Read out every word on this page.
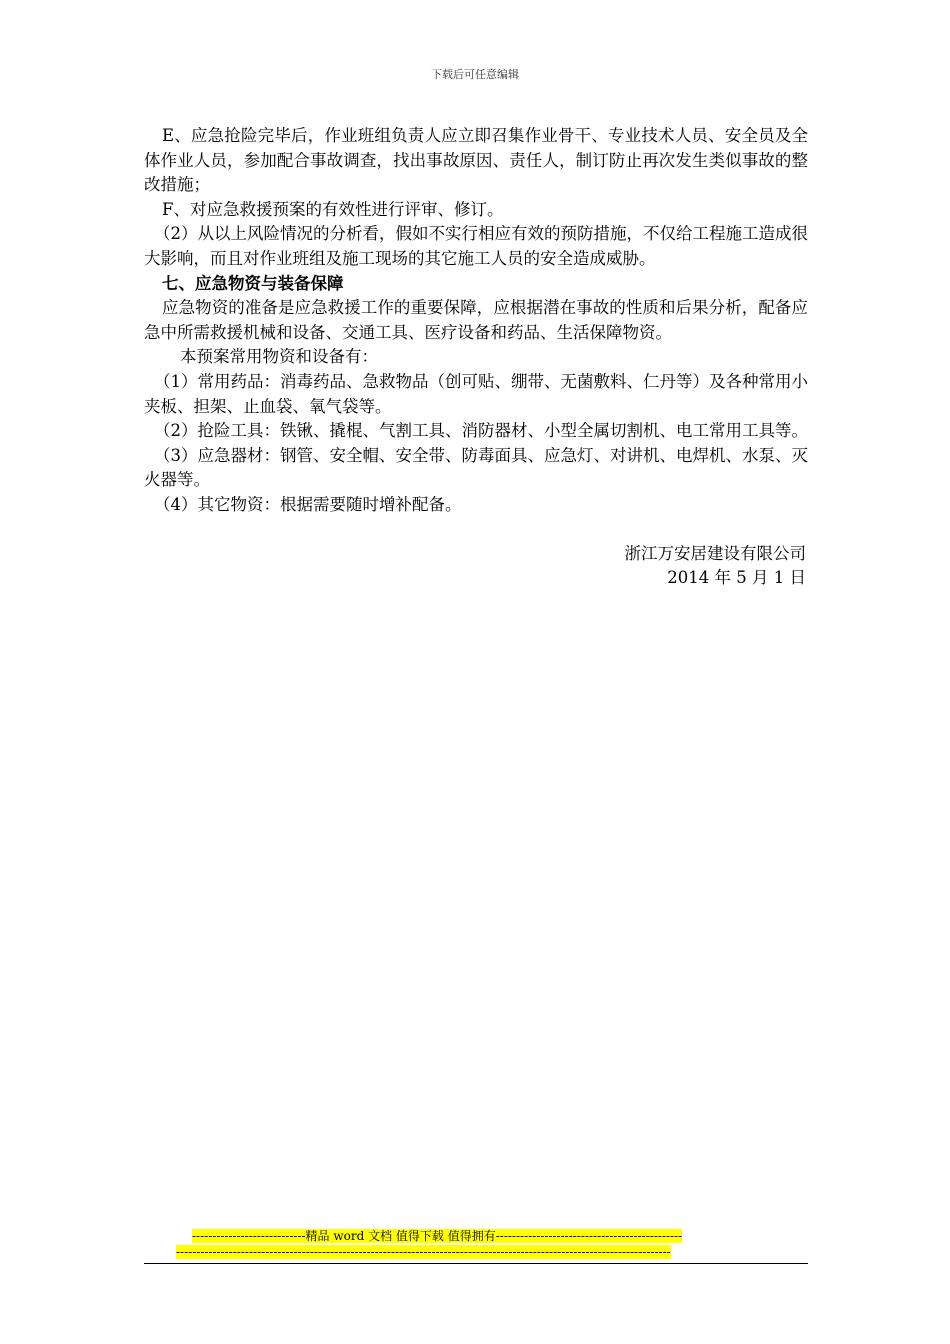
下载后可任意编辑

E、应急抢险完毕后，作业班组负责人应立即召集作业骨干、专业技术人员、安全员及全体作业人员，参加配合事故调查，找出事故原因、责任人，制订防止再次发生类似事故的整改措施；

F、对应急救援预案的有效性进行评审、修订。

（2）从以上风险情况的分析看，假如不实行相应有效的预防措施，不仅给工程施工造成很大影响，而且对作业班组及施工现场的其它施工人员的安全造成威胁。

七、应急物资与装备保障

应急物资的准备是应急救援工作的重要保障，应根据潜在事故的性质和后果分析，配备应急中所需救援机械和设备、交通工具、医疗设备和药品、生活保障物资。

本预案常用物资和设备有：

（1）常用药品：消毒药品、急救物品（创可贴、绷带、无菌敷料、仁丹等）及各种常用小夹板、担架、止血袋、氧气袋等。

（2）抢险工具：铁锹、撬棍、气割工具、消防器材、小型全属切割机、电工常用工具等。

（3）应急器材：钢管、安全帽、安全带、防毒面具、应急灯、对讲机、电焊机、水泵、灭火器等。

（4）其它物资：根据需要随时增补配备。

浙江万安居建设有限公司
2014 年 5 月 1 日
----------------------------精品 word 文档 值得下载 值得拥有----------------------------------------------
--------------------------------------------------------------------------------------------------------------------------
